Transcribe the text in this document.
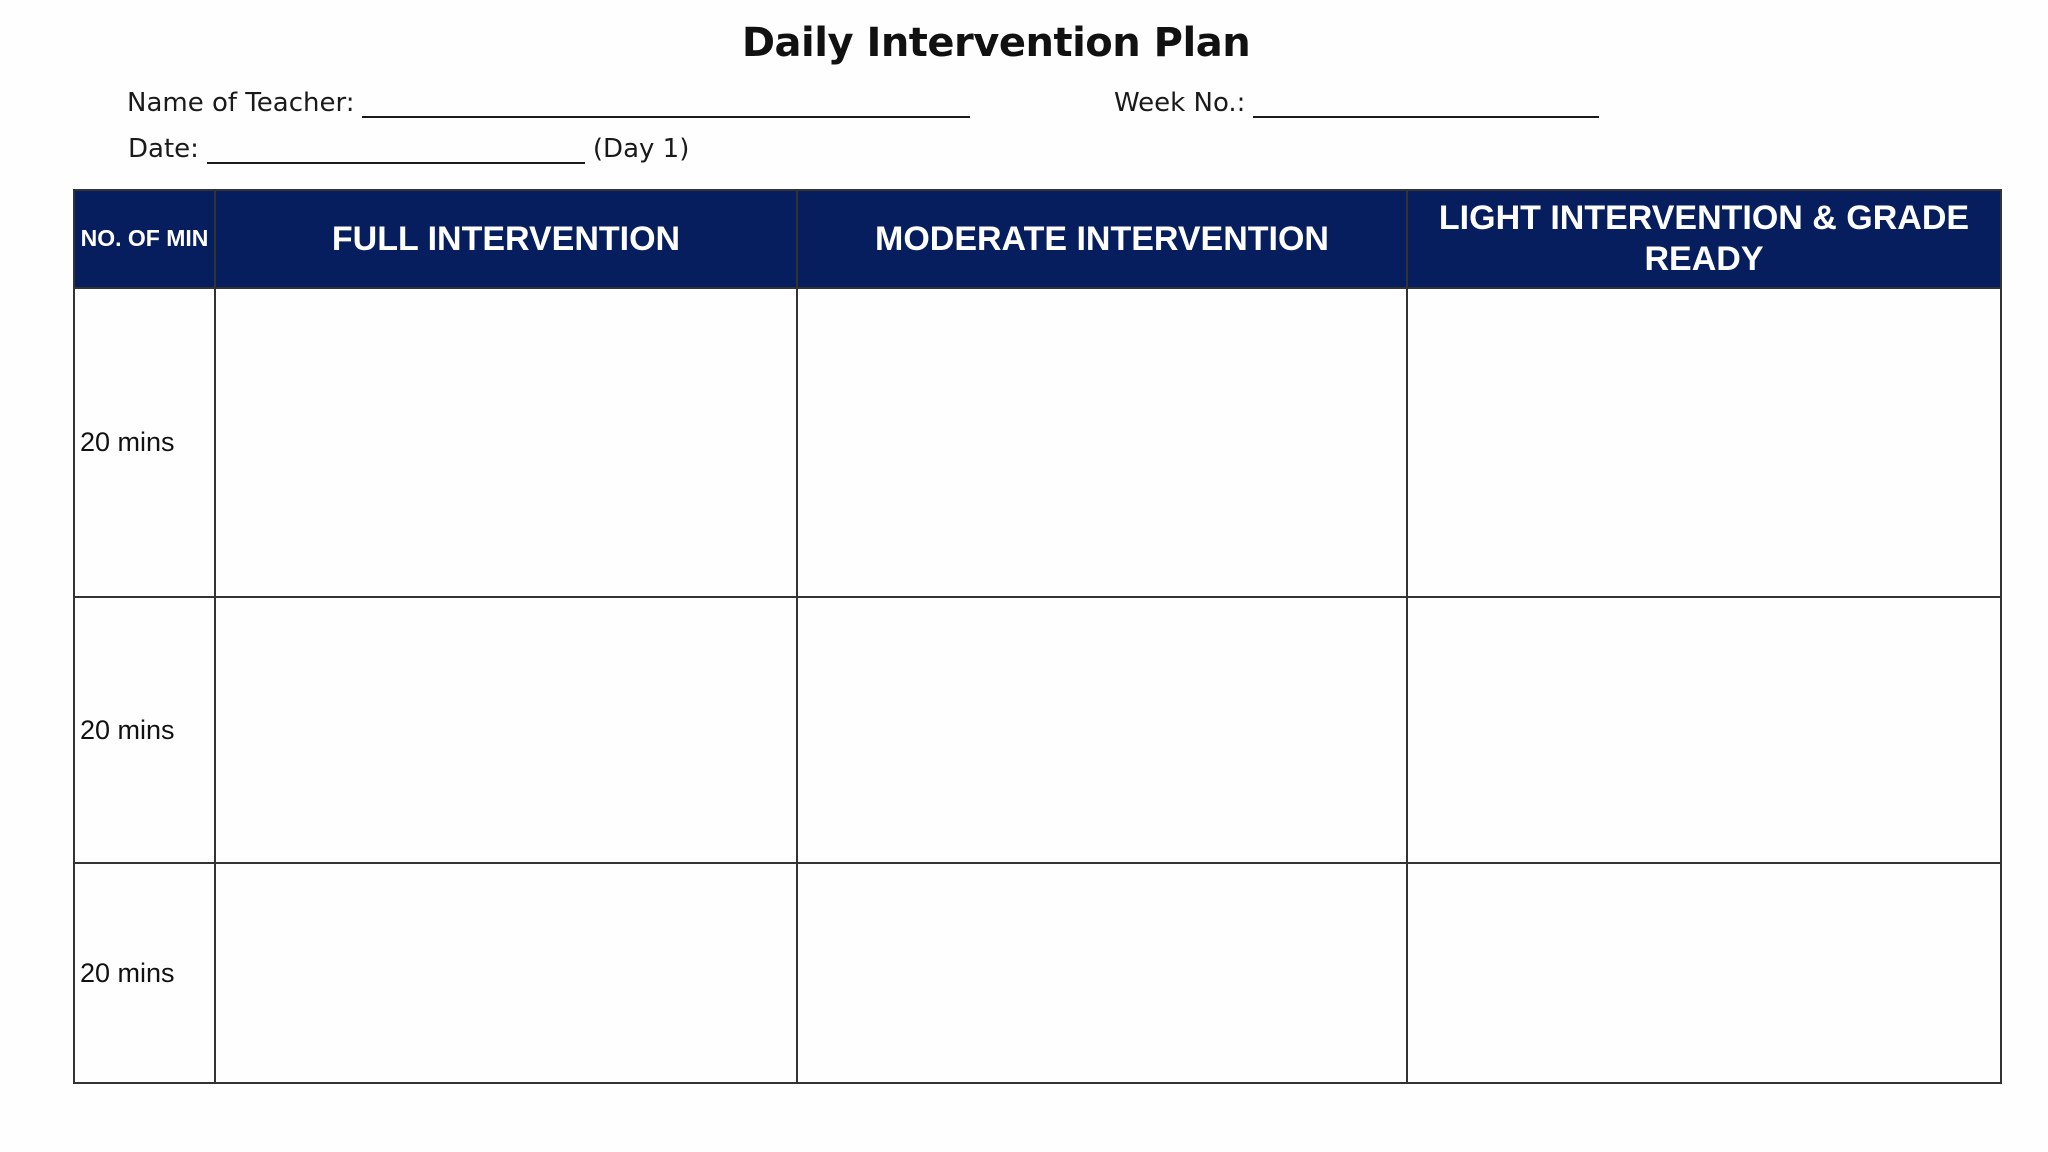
Daily Intervention Plan
Name of Teacher:	Week No.:
Date:	(Day 1)
NO. OF MIN	FULL INTERVENTION	MODERATE INTERVENTION	LIGHT INTERVENTION & GRADE READY
20 mins			
20 mins			
20 mins			
